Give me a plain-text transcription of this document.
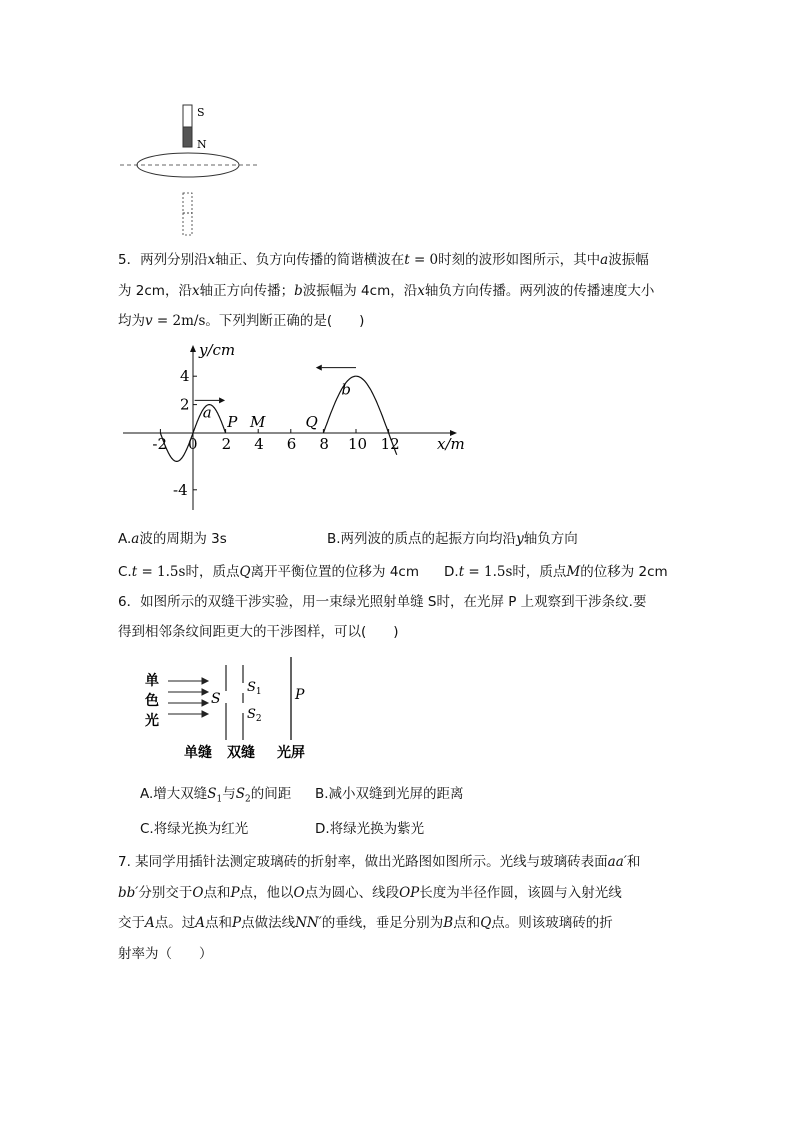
S
N
5．两列分别沿x轴正、负方向传播的简谐横波在t = 0时刻的波形如图所示，其中a波振幅
为 2cm，沿x轴正方向传播；b波振幅为 4cm，沿x轴负方向传播。两列波的传播速度大小
均为v = 2m/s。下列判断正确的是(　　)
y/cm
x/m
-2 0 2 4 6 8 10 12
4
2
-4
a
b
P M	Q
A.a波的周期为 3s	B.两列波的质点的起振方向均沿y轴负方向
C.t = 1.5s时，质点Q离开平衡位置的位移为 4cm D.t = 1.5s时，质点M的位移为 2cm
6．如图所示的双缝干涉实验，用一束绿光照射单缝 S时，在光屏 P 上观察到干涉条纹.要
得到相邻条纹间距更大的干涉图样，可以(　　)
单
色
光
S
$S_1$
$S_2$
P
单缝 双缝 光屏
A.增大双缝$S_1$与$S_2$的间距 B.减小双缝到光屏的距离
C.将绿光换为红光	D.将绿光换为紫光
7. 某同学用插针法测定玻璃砖的折射率，做出光路图如图所示。光线与玻璃砖表面aa′和
bb′分别交于O点和P点，他以O点为圆心、线段OP长度为半径作圆，该圆与入射光线
交于A点。过A点和P点做法线NN′的垂线，垂足分别为B点和Q点。则该玻璃砖的折
射率为（　　）
